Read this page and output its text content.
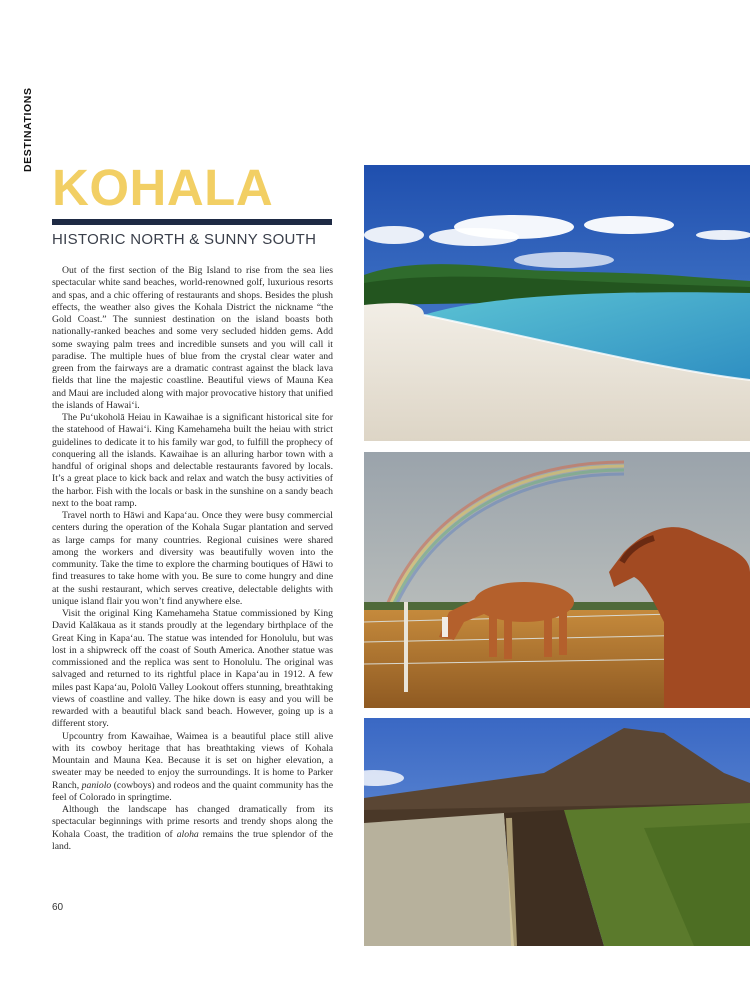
DESTINATIONS
KOHALA
HISTORIC NORTH & SUNNY SOUTH

Out of the first section of the Big Island to rise from the sea lies spectacular white sand beaches, world-renowned golf, luxurious resorts and spas, and a chic offering of restaurants and shops. Besides the plush effects, the weather also gives the Kohala District the nickname “the Gold Coast.” The sunniest destination on the island boasts both nationally-ranked beaches and some very secluded hidden gems. Add some swaying palm trees and incredible sunsets and you will call it paradise. The multiple hues of blue from the crystal clear water and green from the fairways are a dramatic contrast against the black lava fields that line the majestic coastline. Beautiful views of Mauna Kea and Maui are included along with major provocative history that unified the islands of Hawaiʻi.

The Puʻukoholā Heiau in Kawaihae is a significant historical site for the statehood of Hawaiʻi. King Kamehameha built the heiau with strict guidelines to dedicate it to his family war god, to fulfill the prophecy of conquering all the islands. Kawaihae is an alluring harbor town with a handful of original shops and delectable restaurants favored by locals. It’s a great place to kick back and relax and watch the busy activities of the harbor. Fish with the locals or bask in the sunshine on a sandy beach next to the boat ramp.

Travel north to Hāwi and Kapaʻau. Once they were busy commercial centers during the operation of the Kohala Sugar plantation and served as large camps for many countries. Regional cuisines were shared among the workers and diversity was beautifully woven into the community. Take the time to explore the charming boutiques of Hāwi to find treasures to take home with you. Be sure to come hungry and dine at the sushi restaurant, which serves creative, delectable delights with unique island flair you won’t find anywhere else.

Visit the original King Kamehameha Statue commissioned by King David Kalākaua as it stands proudly at the legendary birthplace of the Great King in Kapaʻau. The statue was intended for Honolulu, but was lost in a shipwreck off the coast of South America. Another statue was commissioned and the replica was sent to Honolulu. The original was salvaged and returned to its rightful place in Kapaʻau in 1912. A few miles past Kapaʻau, Pololū Valley Lookout offers stunning, breathtaking views of coastline and valley. The hike down is easy and you will be rewarded with a beautiful black sand beach. However, going up is a different story.

Upcountry from Kawaihae, Waimea is a beautiful place still alive with its cowboy heritage that has breathtaking views of Kohala Mountain and Mauna Kea. Because it is set on higher elevation, a sweater may be needed to enjoy the surroundings. It is home to Parker Ranch, paniolo (cowboys) and rodeos and the quaint community has the feel of Colorado in springtime.

Although the landscape has changed dramatically from its spectacular beginnings with prime resorts and trendy shops along the Kohala Coast, the tradition of aloha remains the true splendor of the land.

60
